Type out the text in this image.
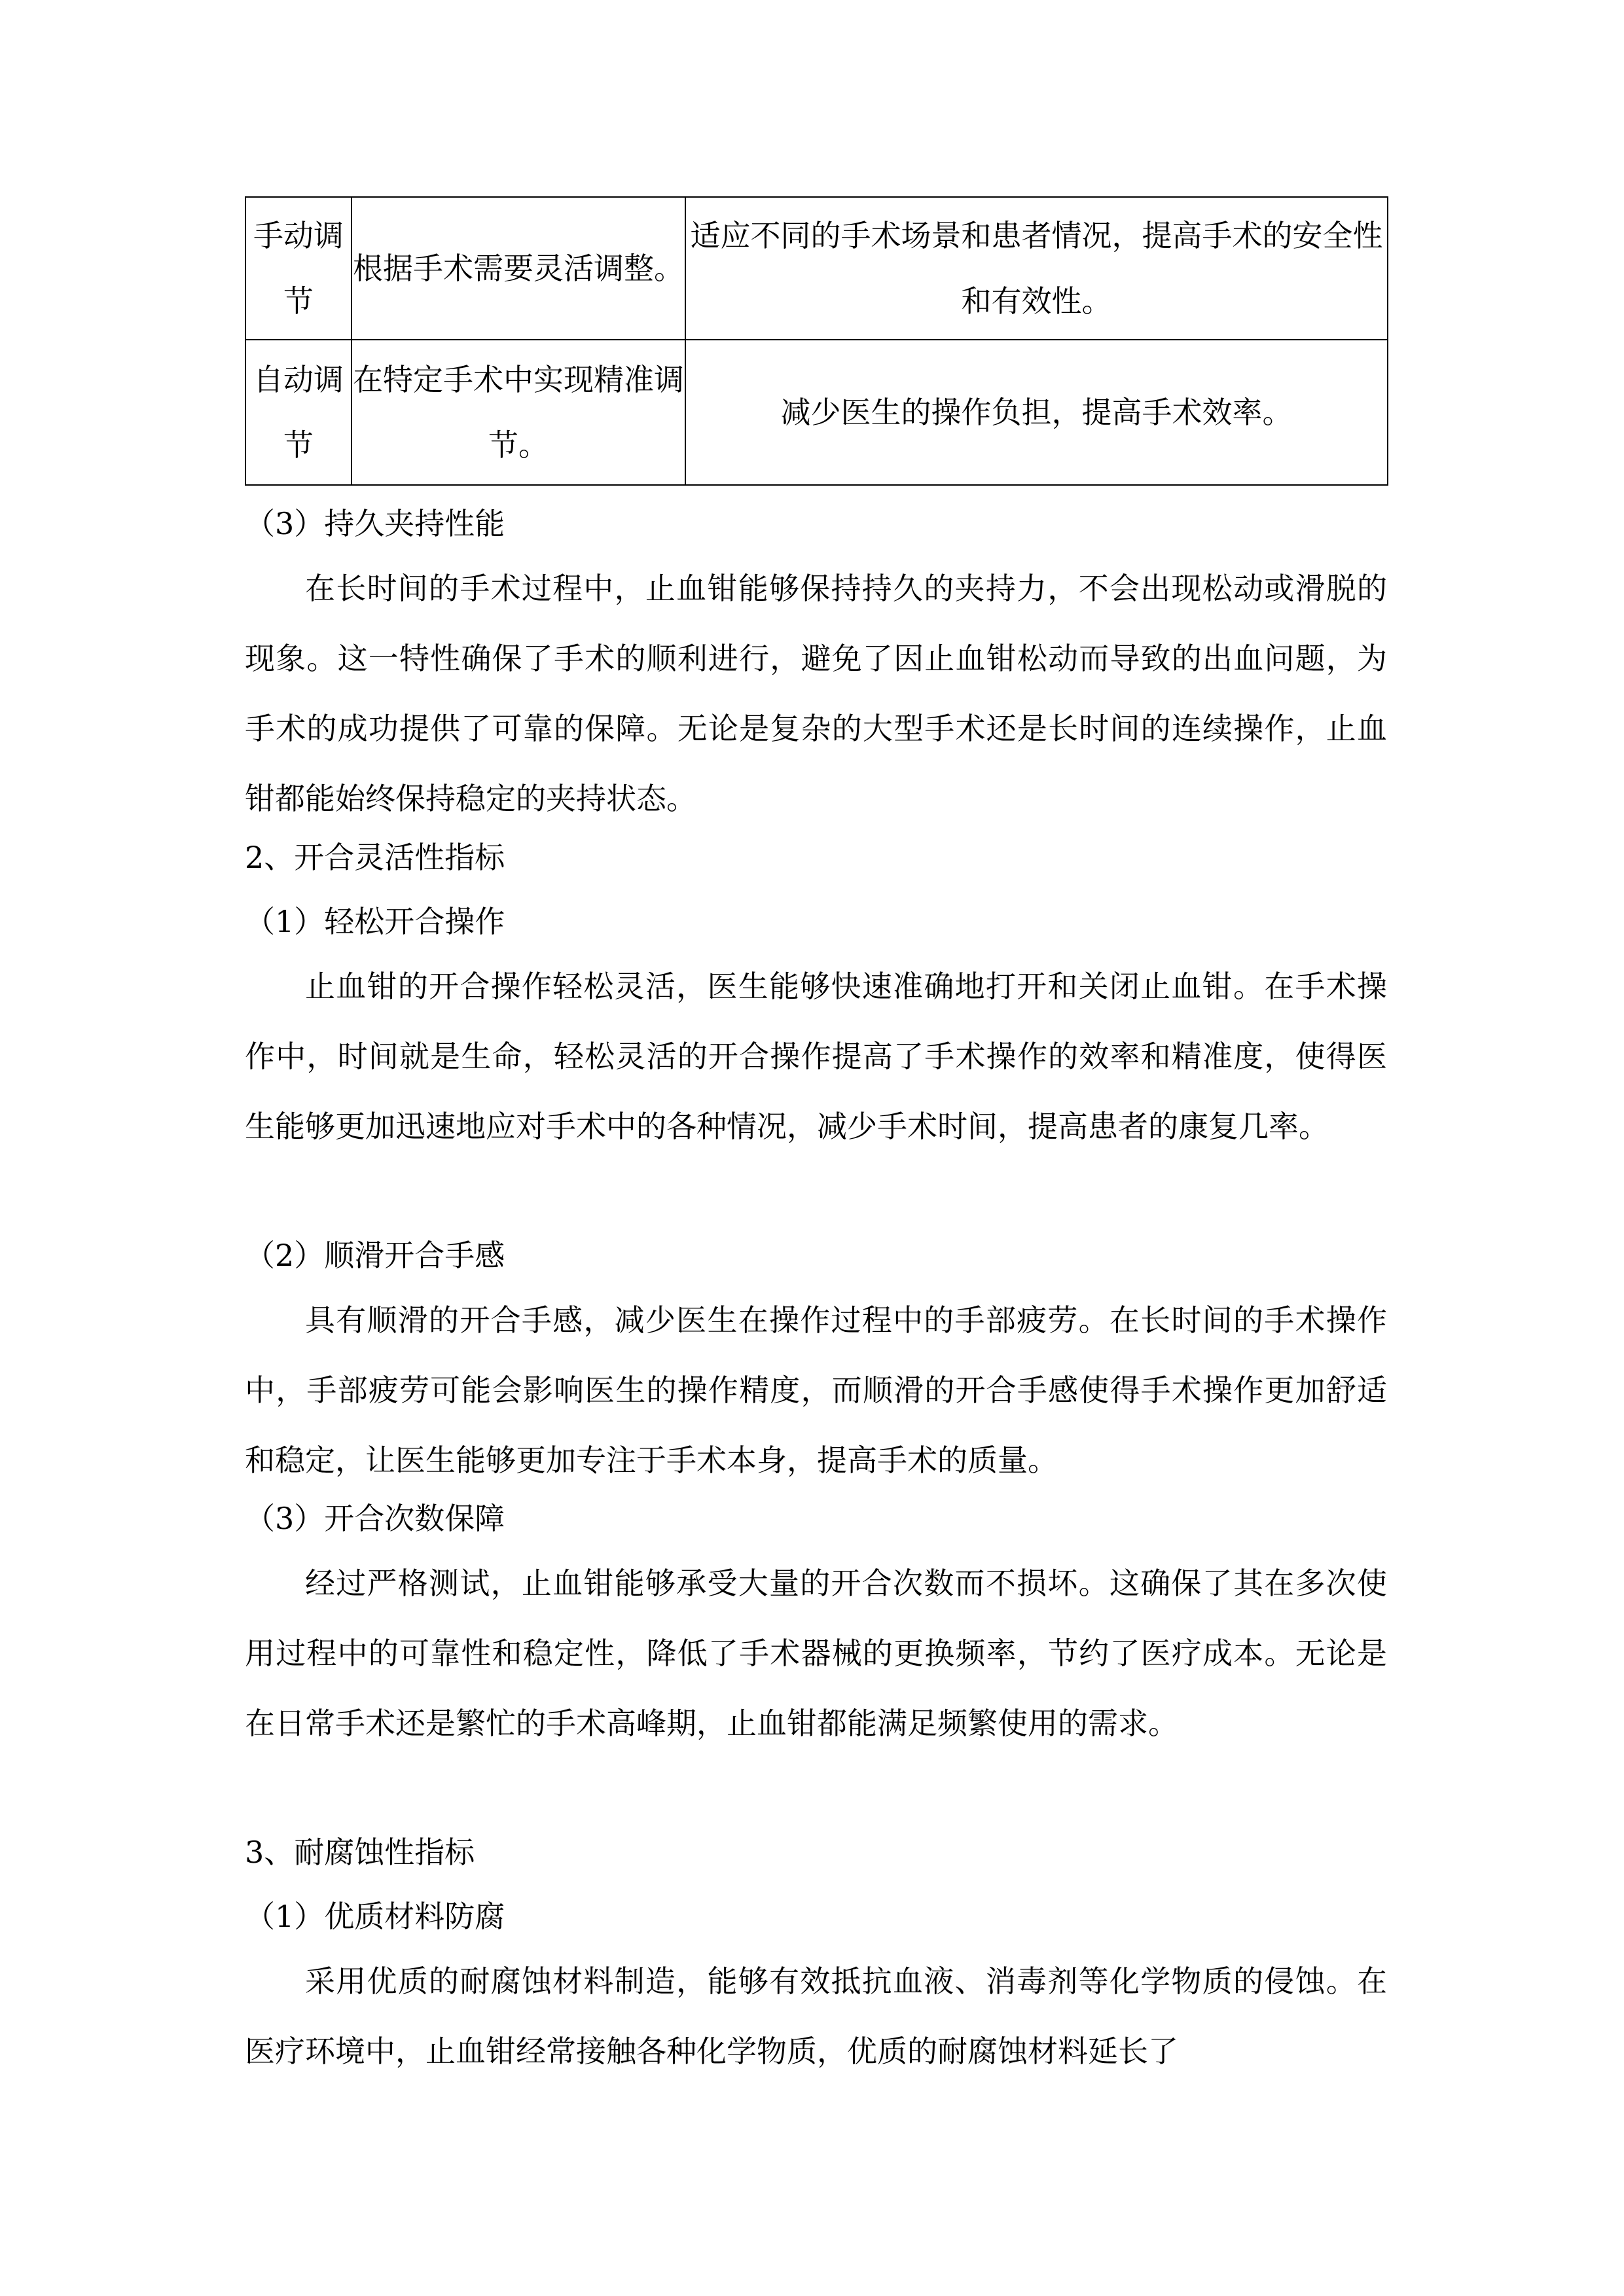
手动调节	根据手术需要灵活调整。	适应不同的手术场景和患者情况，提高手术的安全性和有效性。
自动调节	在特定手术中实现精准调节。	减少医生的操作负担，提高手术效率。
（3）持久夹持性能
在长时间的手术过程中，止血钳能够保持持久的夹持力，不会出现松动或滑脱的现象。这一特性确保了手术的顺利进行，避免了因止血钳松动而导致的出血问题，为手术的成功提供了可靠的保障。无论是复杂的大型手术还是长时间的连续操作，止血钳都能始终保持稳定的夹持状态。
2、开合灵活性指标
（1）轻松开合操作
止血钳的开合操作轻松灵活，医生能够快速准确地打开和关闭止血钳。在手术操作中，时间就是生命，轻松灵活的开合操作提高了手术操作的效率和精准度，使得医生能够更加迅速地应对手术中的各种情况，减少手术时间，提高患者的康复几率。
（2）顺滑开合手感
具有顺滑的开合手感，减少医生在操作过程中的手部疲劳。在长时间的手术操作中，手部疲劳可能会影响医生的操作精度，而顺滑的开合手感使得手术操作更加舒适和稳定，让医生能够更加专注于手术本身，提高手术的质量。
（3）开合次数保障
经过严格测试，止血钳能够承受大量的开合次数而不损坏。这确保了其在多次使用过程中的可靠性和稳定性，降低了手术器械的更换频率，节约了医疗成本。无论是在日常手术还是繁忙的手术高峰期，止血钳都能满足频繁使用的需求。
3、耐腐蚀性指标
（1）优质材料防腐
采用优质的耐腐蚀材料制造，能够有效抵抗血液、消毒剂等化学物质的侵蚀。在医疗环境中，止血钳经常接触各种化学物质，优质的耐腐蚀材料延长了
